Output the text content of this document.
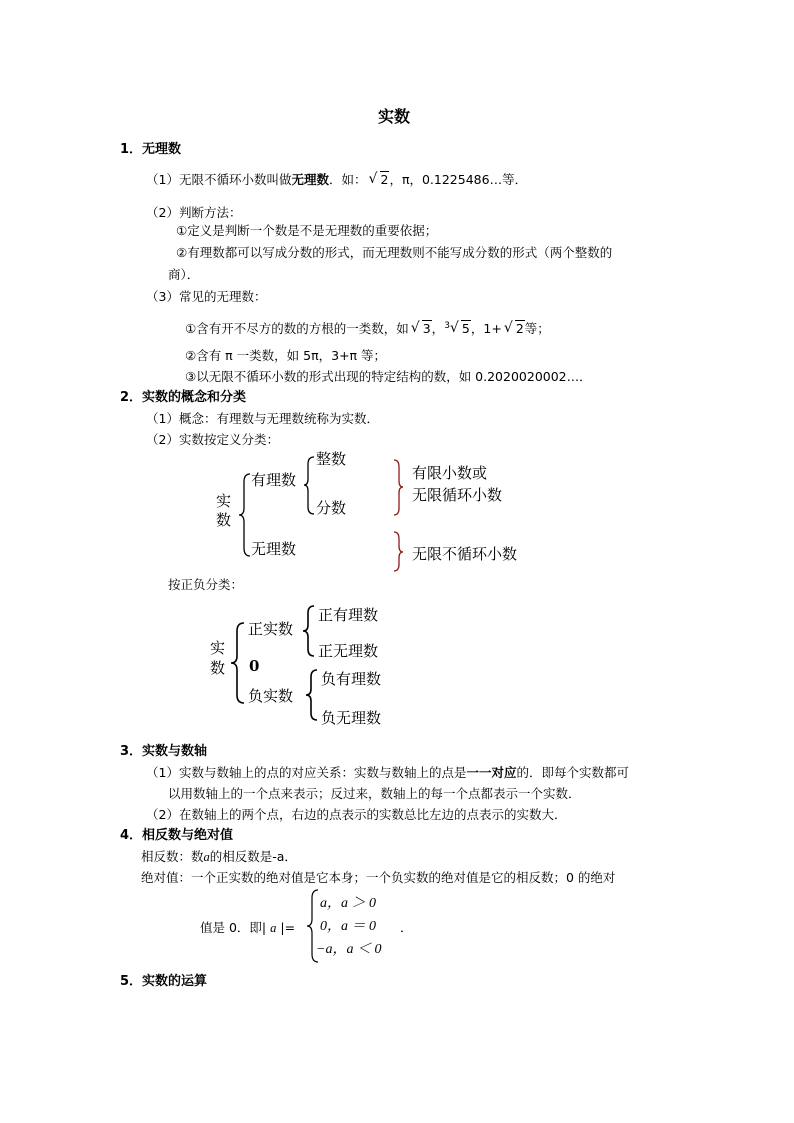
实数
1．无理数
（1）无限不循环小数叫做无理数．如： √ 2，π，0.1225486…等．
（2）判断方法：
①定义是判断一个数是不是无理数的重要依据；
②有理数都可以写成分数的形式，而无理数则不能写成分数的形式（两个整数的
商）．
（3）常见的无理数：
①含有开不尽方的数的方根的一类数，如 √ 3，$^3$ √ 5，1+ √ 2等；
②含有 π 一类数，如 5π，3+π 等；
③以无限不循环小数的形式出现的特定结构的数，如 0.2020020002…．
2．实数的概念和分类
（1）概念：有理数与无理数统称为实数．
（2）实数按定义分类：
实
数
有理数
无理数
整数
分数
有限小数或
无限循环小数
无限不循环小数
按正负分类：
实
数
正实数
0
负实数
正有理数
正无理数
负有理数
负无理数
3．实数与数轴
（1）实数与数轴上的点的对应关系：实数与数轴上的点是一一对应的．即每个实数都可
以用数轴上的一个点来表示；反过来，数轴上的每一个点都表示一个实数．
（2）在数轴上的两个点，右边的点表示的实数总比左边的点表示的实数大．
4．相反数与绝对值
相反数：数a的相反数是-a．
绝对值：一个正实数的绝对值是它本身；一个负实数的绝对值是它的相反数；0 的绝对
值是 0．即| a |=
a，a ＞ 0
0，a ＝ 0
−a，a ＜ 0
．
5．实数的运算
